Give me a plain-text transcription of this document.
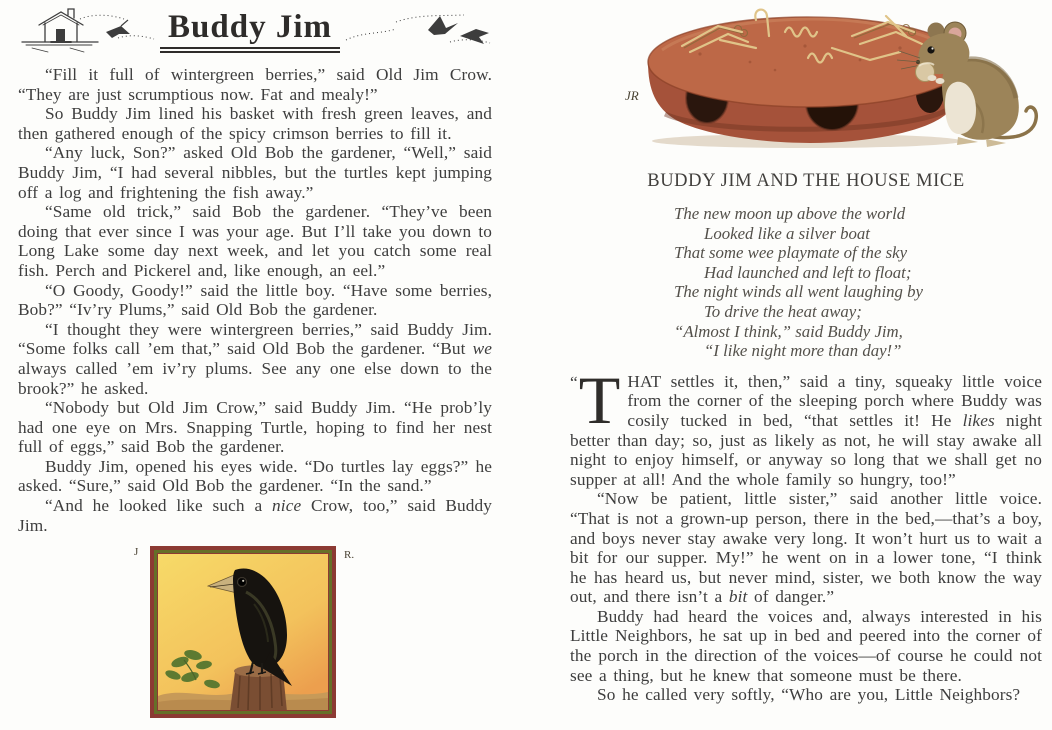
Buddy Jim

“Fill it full of wintergreen berries,” said Old Jim Crow. “They are just scrumptious now. Fat and mealy!”

So Buddy Jim lined his basket with fresh green leaves, and then gathered enough of the spicy crimson berries to fill it.

“Any luck, Son?” asked Old Bob the gardener, “Well,” said Buddy Jim, “I had several nibbles, but the turtles kept jumping off a log and frightening the fish away.”

“Same old trick,” said Bob the gardener. “They’ve been doing that ever since I was your age. But I’ll take you down to Long Lake some day next week, and let you catch some real fish. Perch and Pickerel and, like enough, an eel.”

“O Goody, Goody!” said the little boy. “Have some berries, Bob?” “Iv’ry Plums,” said Old Bob the gardener.

“I thought they were wintergreen berries,” said Buddy Jim. “Some folks call ’em that,” said Old Bob the gardener. “But we always called ’em iv’ry plums. See any one else down to the brook?” he asked.

“Nobody but Old Jim Crow,” said Buddy Jim. “He prob’ly had one eye on Mrs. Snapping Turtle, hoping to find her nest full of eggs,” said Bob the gardener.

Buddy Jim, opened his eyes wide. “Do turtles lay eggs?” he asked. “Sure,” said Old Bob the gardener. “In the sand.”

“And he looked like such a nice Crow, too,” said Buddy Jim.

J	R.
JR
BUDDY JIM AND THE HOUSE MICE
The new moon up above the world
Looked like a silver boat
That some wee playmate of the sky
Had launched and left to float;
The night winds all went laughing by
To drive the heat away;
“Almost I think,” said Buddy Jim,
“I like night more than day!”

“ T HAT settles it, then,” said a tiny, squeaky little voice from the corner of the sleeping porch where Buddy was cosily tucked in bed, “that settles it! He likes night better than day; so, just as likely as not, he will stay awake all night to enjoy himself, or anyway so long that we shall get no supper at all! And the whole family so hungry, too!”

“Now be patient, little sister,” said another little voice. “That is not a grown-up person, there in the bed,—that’s a boy, and boys never stay awake very long. It won’t hurt us to wait a bit for our supper. My!” he went on in a lower tone, “I think he has heard us, but never mind, sister, we both know the way out, and there isn’t a bit of danger.”

Buddy had heard the voices and, always interested in his Little Neighbors, he sat up in bed and peered into the corner of the porch in the direction of the voices—of course he could not see a thing, but he knew that someone must be there.

So he called very softly, “Who are you, Little Neighbors?
